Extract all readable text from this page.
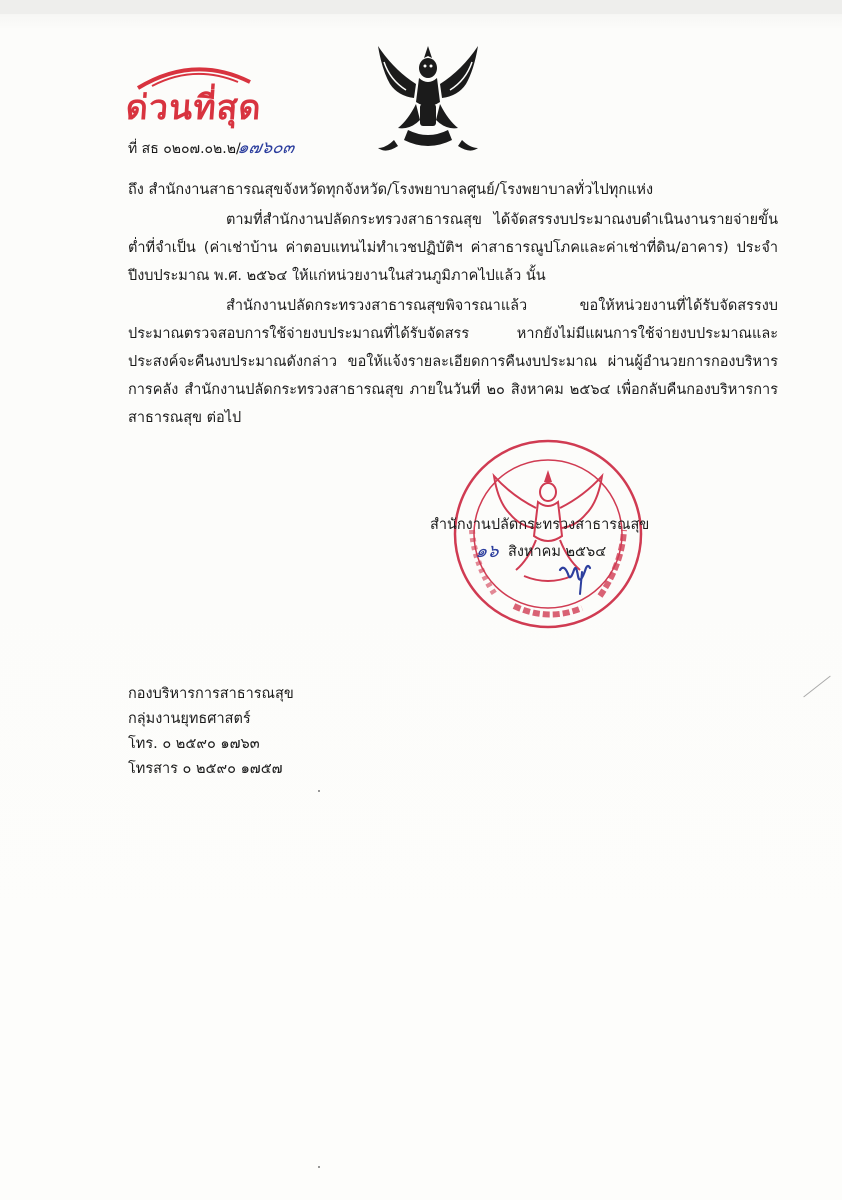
ด่วนที่สุด
ที่ สธ ๐๒๐๗.๐๒.๒/
๑๗๖๐๓
ถึง สำนักงานสาธารณสุขจังหวัดทุกจังหวัด/โรงพยาบาลศูนย์/โรงพยาบาลทั่วไปทุกแห่ง

ตามที่สำนักงานปลัดกระทรวงสาธารณสุข ได้จัดสรรงบประมาณงบดำเนินงานรายจ่ายขั้นต่ำที่จำเป็น (ค่าเช่าบ้าน ค่าตอบแทนไม่ทำเวชปฏิบัติฯ ค่าสาธารณูปโภคและค่าเช่าที่ดิน/อาคาร) ประจำปีงบประมาณ พ.ศ. ๒๕๖๔ ให้แก่หน่วยงานในส่วนภูมิภาคไปแล้ว นั้น

สำนักงานปลัดกระทรวงสาธารณสุขพิจารณาแล้ว ขอให้หน่วยงานที่ได้รับจัดสรรงบประมาณตรวจสอบการใช้จ่ายงบประมาณที่ได้รับจัดสรร หากยังไม่มีแผนการใช้จ่ายงบประมาณและประสงค์จะคืนงบประมาณดังกล่าว ขอให้แจ้งรายละเอียดการคืนงบประมาณ ผ่านผู้อำนวยการกองบริหารการคลัง สำนักงานปลัดกระทรวงสาธารณสุข ภายในวันที่ ๒๐ สิงหาคม ๒๕๖๔ เพื่อกลับคืนกองบริหารการสาธารณสุข ต่อไป

สำนักงานปลัดกระทรวงสาธารณสุข
๑๖ สิงหาคม ๒๕๖๔
กองบริหารการสาธารณสุข
กลุ่มงานยุทธศาสตร์
โทร. ๐ ๒๕๙๐ ๑๗๖๓
โทรสาร ๐ ๒๕๙๐ ๑๗๕๗
